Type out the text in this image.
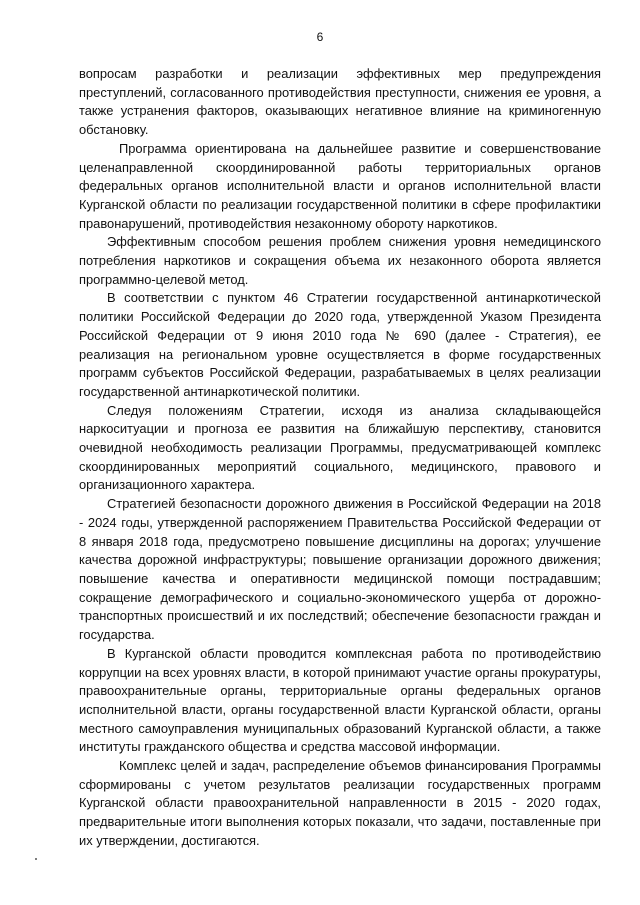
6

вопросам разработки и реализации эффективных мер предупреждения преступлений, согласованного противодействия преступности, снижения ее уровня, а также устранения факторов, оказывающих негативное влияние на криминогенную обстановку.

Программа ориентирована на дальнейшее развитие и совершенствование целенаправленной скоординированной работы территориальных органов федеральных органов исполнительной власти и органов исполнительной власти Курганской области по реализации государственной политики в сфере профилактики правонарушений, противодействия незаконному обороту наркотиков.

Эффективным способом решения проблем снижения уровня немедицинского потребления наркотиков и сокращения объема их незаконного оборота является программно-целевой метод.

В соответствии с пунктом 46 Стратегии государственной антинаркотической политики Российской Федерации до 2020 года, утвержденной Указом Президента Российской Федерации от 9 июня 2010 года № 690 (далее - Стратегия), ее реализация на региональном уровне осуществляется в форме государственных программ субъектов Российской Федерации, разрабатываемых в целях реализации государственной антинаркотической политики.

Следуя положениям Стратегии, исходя из анализа складывающейся наркоситуации и прогноза ее развития на ближайшую перспективу, становится очевидной необходимость реализации Программы, предусматривающей комплекс скоординированных мероприятий социального, медицинского, правового и организационного характера.

Стратегией безопасности дорожного движения в Российской Федерации на 2018 - 2024 годы, утвержденной распоряжением Правительства Российской Федерации от 8 января 2018 года, предусмотрено повышение дисциплины на дорогах; улучшение качества дорожной инфраструктуры; повышение организации дорожного движения; повышение качества и оперативности медицинской помощи пострадавшим; сокращение демографического и социально-экономического ущерба от дорожно-транспортных происшествий и их последствий; обеспечение безопасности граждан и государства.

В Курганской области проводится комплексная работа по противодействию коррупции на всех уровнях власти, в которой принимают участие органы прокуратуры, правоохранительные органы, территориальные органы федеральных органов исполнительной власти, органы государственной власти Курганской области, органы местного самоуправления муниципальных образований Курганской области, а также институты гражданского общества и средства массовой информации.

Комплекс целей и задач, распределение объемов финансирования Программы сформированы с учетом результатов реализации государственных программ Курганской области правоохранительной направленности в 2015 - 2020 годах, предварительные итоги выполнения которых показали, что задачи, поставленные при их утверждении, достигаются.
